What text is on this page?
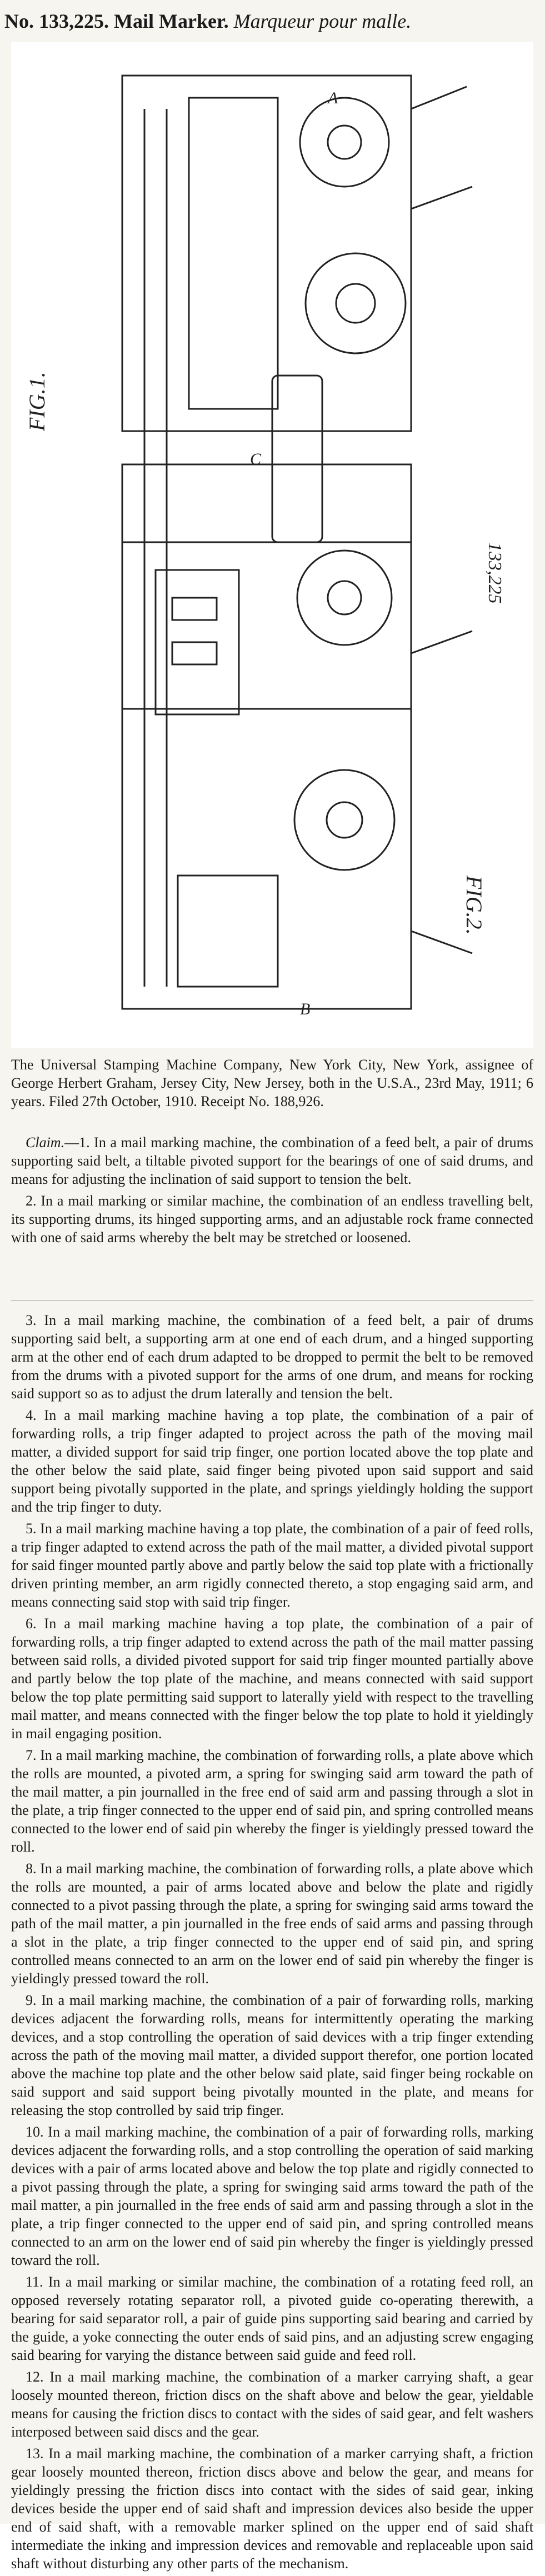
No. 133,225. Mail Marker. Marqueur pour malle.
FIG.1.
133,225
FIG.2.
A
C
B

The Universal Stamping Machine Company, New York City, New York, assignee of George Herbert Graham, Jersey City, New Jersey, both in the U.S.A., 23rd May, 1911; 6 years. Filed 27th October, 1910. Receipt No. 188,926.

Claim.—1. In a mail marking machine, the combination of a feed belt, a pair of drums supporting said belt, a tiltable pivoted support for the bearings of one of said drums, and means for adjusting the inclination of said support to tension the belt.

2. In a mail marking or similar machine, the combination of an endless travelling belt, its supporting drums, its hinged supporting arms, and an adjustable rock frame connected with one of said arms whereby the belt may be stretched or loosened.

3. In a mail marking machine, the combination of a feed belt, a pair of drums supporting said belt, a supporting arm at one end of each drum, and a hinged supporting arm at the other end of each drum adapted to be dropped to permit the belt to be removed from the drums with a pivoted support for the arms of one drum, and means for rocking said support so as to adjust the drum laterally and tension the belt.

4. In a mail marking machine having a top plate, the combination of a pair of forwarding rolls, a trip finger adapted to project across the path of the moving mail matter, a divided support for said trip finger, one portion located above the top plate and the other below the said plate, said finger being pivoted upon said support and said support being pivotally supported in the plate, and springs yieldingly holding the support and the trip finger to duty.

5. In a mail marking machine having a top plate, the combination of a pair of feed rolls, a trip finger adapted to extend across the path of the mail matter, a divided pivotal support for said finger mounted partly above and partly below the said top plate with a frictionally driven printing member, an arm rigidly connected thereto, a stop engaging said arm, and means connecting said stop with said trip finger.

6. In a mail marking machine having a top plate, the combination of a pair of forwarding rolls, a trip finger adapted to extend across the path of the mail matter passing between said rolls, a divided pivoted support for said trip finger mounted partially above and partly below the top plate of the machine, and means connected with said support below the top plate permitting said support to laterally yield with respect to the travelling mail matter, and means connected with the finger below the top plate to hold it yieldingly in mail engaging position.

7. In a mail marking machine, the combination of forwarding rolls, a plate above which the rolls are mounted, a pivoted arm, a spring for swinging said arm toward the path of the mail matter, a pin journalled in the free end of said arm and passing through a slot in the plate, a trip finger connected to the upper end of said pin, and spring controlled means connected to the lower end of said pin whereby the finger is yieldingly pressed toward the roll.

8. In a mail marking machine, the combination of forwarding rolls, a plate above which the rolls are mounted, a pair of arms located above and below the plate and rigidly connected to a pivot passing through the plate, a spring for swinging said arms toward the path of the mail matter, a pin journalled in the free ends of said arms and passing through a slot in the plate, a trip finger connected to the upper end of said pin, and spring controlled means connected to an arm on the lower end of said pin whereby the finger is yieldingly pressed toward the roll.

9. In a mail marking machine, the combination of a pair of forwarding rolls, marking devices adjacent the forwarding rolls, means for intermittently operating the marking devices, and a stop controlling the operation of said devices with a trip finger extending across the path of the moving mail matter, a divided support therefor, one portion located above the machine top plate and the other below said plate, said finger being rockable on said support and said support being pivotally mounted in the plate, and means for releasing the stop controlled by said trip finger.

10. In a mail marking machine, the combination of a pair of forwarding rolls, marking devices adjacent the forwarding rolls, and a stop controlling the operation of said marking devices with a pair of arms located above and below the top plate and rigidly connected to a pivot passing through the plate, a spring for swinging said arms toward the path of the mail matter, a pin journalled in the free ends of said arm and passing through a slot in the plate, a trip finger connected to the upper end of said pin, and spring controlled means connected to an arm on the lower end of said pin whereby the finger is yieldingly pressed toward the roll.

11. In a mail marking or similar machine, the combination of a rotating feed roll, an opposed reversely rotating separator roll, a pivoted guide co-operating therewith, a bearing for said separator roll, a pair of guide pins supporting said bearing and carried by the guide, a yoke connecting the outer ends of said pins, and an adjusting screw engaging said bearing for varying the distance between said guide and feed roll.

12. In a mail marking machine, the combination of a marker carrying shaft, a gear loosely mounted thereon, friction discs on the shaft above and below the gear, yieldable means for causing the friction discs to contact with the sides of said gear, and felt washers interposed between said discs and the gear.

13. In a mail marking machine, the combination of a marker carrying shaft, a friction gear loosely mounted thereon, friction discs above and below the gear, and means for yieldingly pressing the friction discs into contact with the sides of said gear, inking devices beside the upper end of said shaft and impression devices also beside the upper end of said shaft, with a removable marker splined on the upper end of said shaft intermediate the inking and impression devices and removable and replaceable upon said shaft without disturbing any other parts of the mechanism.
